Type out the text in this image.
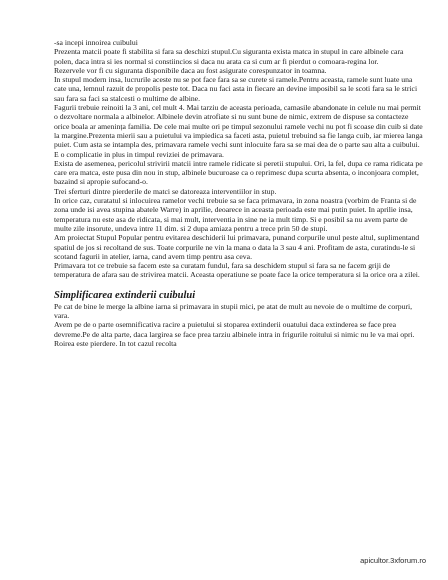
-sa incepi innoirea cuibului

Prezenta matcii poate fi stabilita si fara sa deschizi stupul.Cu siguranta exista matca in stupul in care albinele cara polen, daca intra si ies normal si constiincios si daca nu arata ca si cum ar fi pierdut o comoara-regina lor.

Rezervele vor fi cu siguranta disponibile daca au fost asigurate corespunzator in toamna.

In stupul modern insa, lucrurile aceste nu se pot face fara sa se curete si ramele.Pentru aceasta, ramele sunt luate una cate una, lemnul razuit de propolis peste tot. Daca nu faci asta in fiecare an devine imposibil sa le scoti fara sa le strici sau fara sa faci sa stalcesti o multime de albine.

Fagurii trebuie reinoiti la 3 ani, cel mult 4. Mai tarziu de aceasta perioada, camasile abandonate in celule nu mai permit o dezvoltare normala a albinelor. Albinele devin atrofiate si nu sunt bune de nimic, extrem de dispuse sa contacteze orice boala ar amenința familia. De cele mai multe ori pe timpul sezonului ramele vechi nu pot fi scoase din cuib si date la margine.Prezenta mierii sau a puietului va impiedica sa faceti asta, puietul trebuind sa fie langa cuib, iar mierea langa puiet. Cum asta se intampla des, primavara ramele vechi sunt inlocuite fara sa se mai dea de o parte sau alta a cuibului. E o complicatie in plus in timpul reviziei de primavara.

Exista de asemenea, pericolul strivirii matcii intre ramele ridicate si peretii stupului. Ori, la fel, dupa ce rama ridicata pe care era matca, este pusa din nou in stup, albinele bucuroase ca o reprimesc dupa scurta absenta, o inconjoara complet, bazaind si apropie sufocand-o.

Trei sferturi dintre pierderile de matci se datoreaza interventiilor in stup.

In orice caz, curatatul si inlocuirea ramelor vechi trebuie sa se faca primavara, in zona noastra (vorbim de Franta si de zona unde isi avea stupina abatele Warre) in aprilie, deoarece in aceasta perioada este mai putin puiet. In aprilie insa, temperatura nu este asa de ridicata, si mai mult, interventia in sine ne ia mult timp. Si e posibil sa nu avem parte de multe zile insorute, undeva intre 11 dim. si 2 dupa amiaza pentru a trece prin 50 de stupi.

Am proiectat Stupul Popular pentru evitarea deschiderii lui primavara, punand corpurile unul peste altul, suplimentand spatiul de jos si recoltand de sus. Toate corpurile ne vin la mana o data la 3 sau 4 ani. Profitam de asta, curatindu-le si scotand fagurii in atelier, iarna, cand avem timp pentru asa ceva.

Primavara tot ce trebuie sa facem este sa curatam fundul, fara sa deschidem stupul si fara sa ne facem griji de temperatura de afara sau de strivirea matcii. Aceasta operatiune se poate face la orice temperatura si la orice ora a zilei.

Simplificarea extinderii cuibului

Pe cat de bine le merge la albine iarna si primavara in stupii mici, pe atat de mult au nevoie de o multime de corpuri, vara.

Avem pe de o parte osemnificativa racire a puietului si stoparea extinderii ouatului daca extinderea se face prea devreme.Pe de alta parte, daca largirea se face prea tarziu albinele intra in frigurile roitului si nimic nu le va mai opri. Roirea este pierdere. In tot cazul recolta

apicultor.3xforum.ro
